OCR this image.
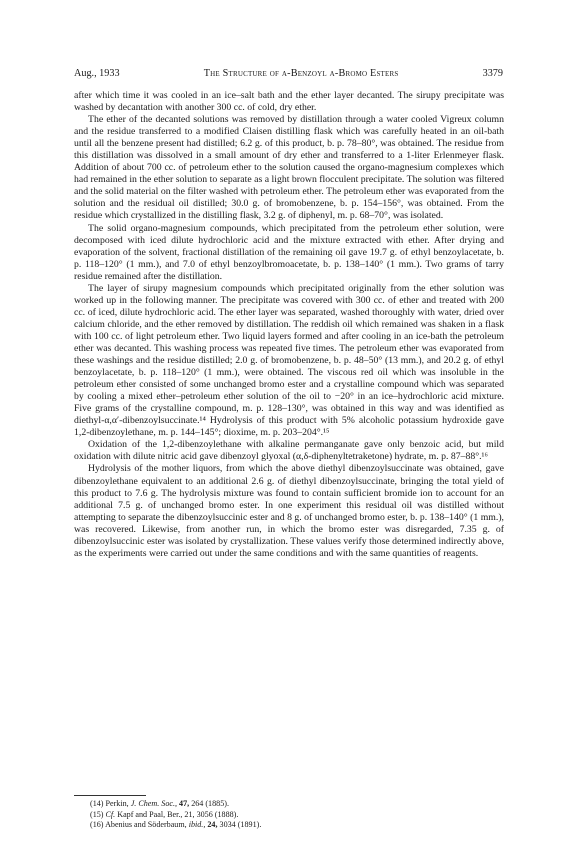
Aug., 1933	The Structure of α-Benzoyl α-Bromo Esters	3379

after which time it was cooled in an ice–salt bath and the ether layer decanted. The sirupy precipitate was washed by decantation with another 300 cc. of cold, dry ether.

The ether of the decanted solutions was removed by distillation through a water cooled Vigreux column and the residue transferred to a modified Claisen distilling flask which was carefully heated in an oil-bath until all the benzene present had distilled; 6.2 g. of this product, b. p. 78–80°, was obtained. The residue from this distillation was dissolved in a small amount of dry ether and transferred to a 1-liter Erlenmeyer flask. Addition of about 700 cc. of petroleum ether to the solution caused the organo-magnesium complexes which had remained in the ether solution to separate as a light brown flocculent precipitate. The solution was filtered and the solid material on the filter washed with petroleum ether. The petroleum ether was evaporated from the solution and the residual oil distilled; 30.0 g. of bromobenzene, b. p. 154–156°, was obtained. From the residue which crystallized in the distilling flask, 3.2 g. of diphenyl, m. p. 68–70°, was isolated.

The solid organo-magnesium compounds, which precipitated from the petroleum ether solution, were decomposed with iced dilute hydrochloric acid and the mixture extracted with ether. After drying and evaporation of the solvent, fractional distillation of the remaining oil gave 19.7 g. of ethyl benzoylacetate, b. p. 118–120° (1 mm.), and 7.0 of ethyl benzoylbromoacetate, b. p. 138–140° (1 mm.). Two grams of tarry residue remained after the distillation.

The layer of sirupy magnesium compounds which precipitated originally from the ether solution was worked up in the following manner. The precipitate was covered with 300 cc. of ether and treated with 200 cc. of iced, dilute hydrochloric acid. The ether layer was separated, washed thoroughly with water, dried over calcium chloride, and the ether removed by distillation. The reddish oil which remained was shaken in a flask with 100 cc. of light petroleum ether. Two liquid layers formed and after cooling in an ice-bath the petroleum ether was decanted. This washing process was repeated five times. The petroleum ether was evaporated from these washings and the residue distilled; 2.0 g. of bromobenzene, b. p. 48–50° (13 mm.), and 20.2 g. of ethyl benzoylacetate, b. p. 118–120° (1 mm.), were obtained. The viscous red oil which was insoluble in the petroleum ether consisted of some unchanged bromo ester and a crystalline compound which was separated by cooling a mixed ether–petroleum ether solution of the oil to −20° in an ice–hydrochloric acid mixture. Five grams of the crystalline compound, m. p. 128–130°, was obtained in this way and was identified as diethyl-α,α′-dibenzoylsuccinate.¹⁴ Hydrolysis of this product with 5% alcoholic potassium hydroxide gave 1,2-dibenzoylethane, m. p. 144–145°; dioxime, m. p. 203–204°.¹⁵

Oxidation of the 1,2-dibenzoylethane with alkaline permanganate gave only benzoic acid, but mild oxidation with dilute nitric acid gave dibenzoyl glyoxal (α,δ-diphenyltetraketone) hydrate, m. p. 87–88°.¹⁶

Hydrolysis of the mother liquors, from which the above diethyl dibenzoylsuccinate was obtained, gave dibenzoylethane equivalent to an additional 2.6 g. of diethyl dibenzoylsuccinate, bringing the total yield of this product to 7.6 g. The hydrolysis mixture was found to contain sufficient bromide ion to account for an additional 7.5 g. of unchanged bromo ester. In one experiment this residual oil was distilled without attempting to separate the dibenzoylsuccinic ester and 8 g. of unchanged bromo ester, b. p. 138–140° (1 mm.), was recovered. Likewise, from another run, in which the bromo ester was disregarded, 7.35 g. of dibenzoylsuccinic ester was isolated by crystallization. These values verify those determined indirectly above, as the experiments were carried out under the same conditions and with the same quantities of reagents.

(14) Perkin, J. Chem. Soc., 47, 264 (1885).
(15) Cf. Kapf and Paal, Ber., 21, 3056 (1888).
(16) Abenius and Söderbaum, ibid., 24, 3034 (1891).
